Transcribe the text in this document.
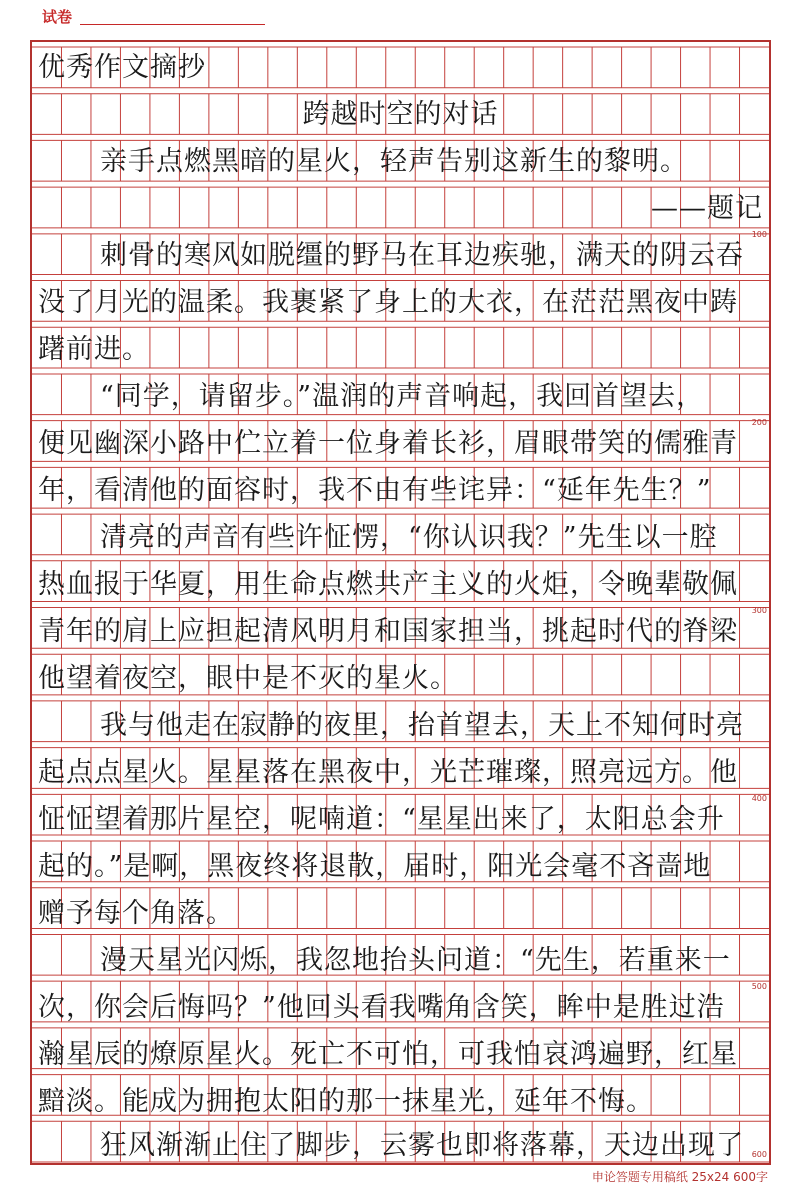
试卷
优秀作文摘抄
跨越时空的对话
亲手点燃黑暗的星火，轻声告别这新生的黎明。
——题记
刺骨的寒风如脱缰的野马在耳边疾驰，满天的阴云吞
没了月光的温柔。我裹紧了身上的大衣，在茫茫黑夜中踌
躇前进。
“同学，请留步。”温润的声音响起，我回首望去，
便见幽深小路中伫立着一位身着长衫，眉眼带笑的儒雅青
年，看清他的面容时，我不由有些诧异：“延年先生？”
清亮的声音有些许怔愣，“你认识我？”先生以一腔
热血报于华夏，用生命点燃共产主义的火炬，令晚辈敬佩
青年的肩上应担起清风明月和国家担当，挑起时代的脊梁
他望着夜空，眼中是不灭的星火。
我与他走在寂静的夜里，抬首望去，天上不知何时亮
起点点星火。星星落在黑夜中，光芒璀璨，照亮远方。他
怔怔望着那片星空，呢喃道：“星星出来了，太阳总会升
起的。”是啊，黑夜终将退散，届时，阳光会毫不吝啬地
赠予每个角落。
漫天星光闪烁，我忽地抬头问道：“先生，若重来一
次，你会后悔吗？”他回头看我嘴角含笑，眸中是胜过浩
瀚星辰的燎原星火。死亡不可怕，可我怕哀鸿遍野，红星
黯淡。能成为拥抱太阳的那一抹星光，延年不悔。
狂风渐渐止住了脚步，云雾也即将落幕，天边出现了
100
200
300
400
500
600
申论答题专用稿纸 25x24 600字
